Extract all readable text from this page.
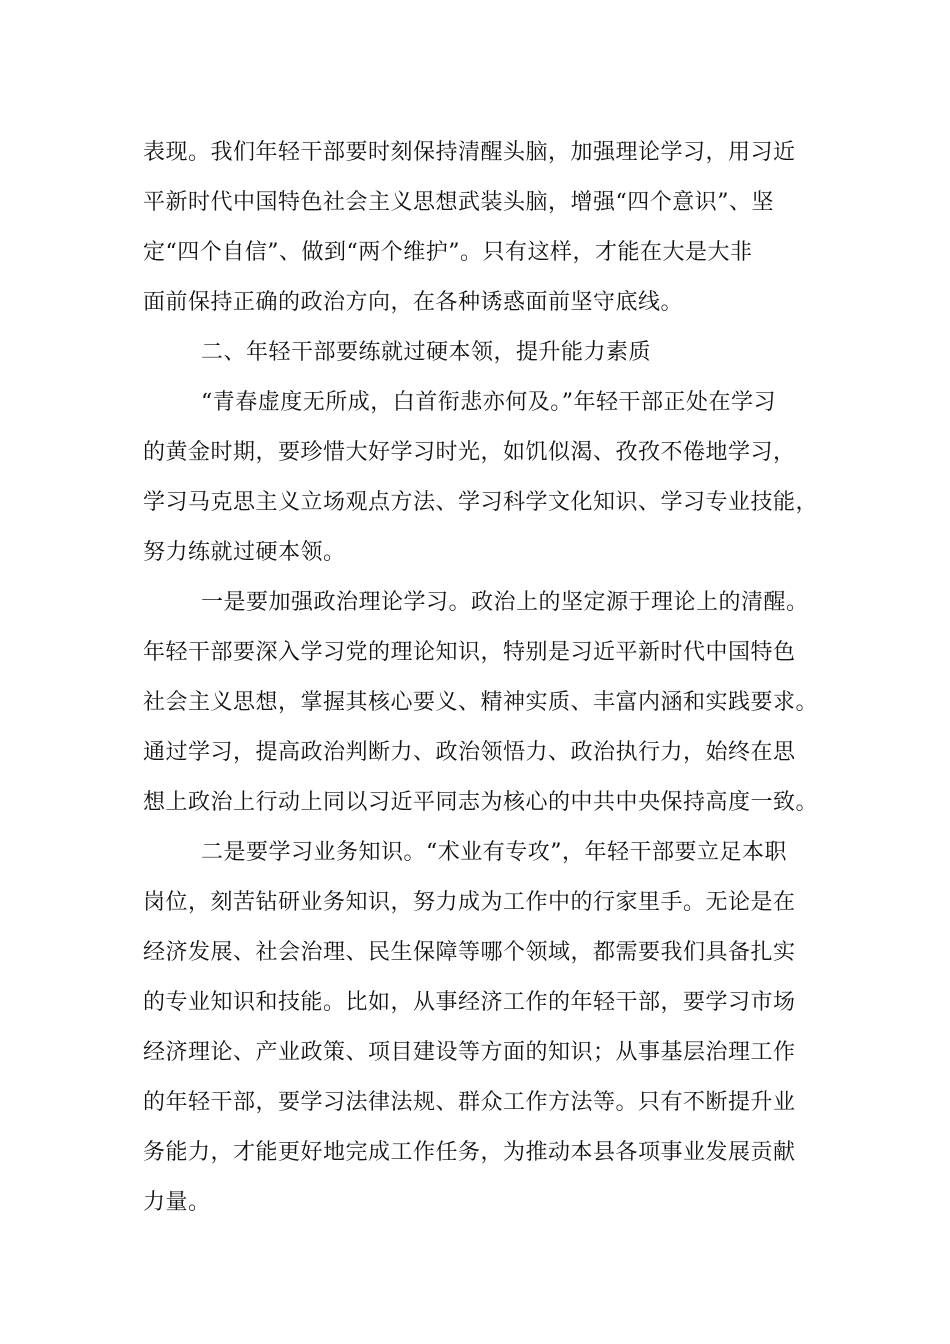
表现。我们年轻干部要时刻保持清醒头脑，加强理论学习，用习近
平新时代中国特色社会主义思想武装头脑，增强“四个意识”、坚
定“四个自信”、做到“两个维护”。只有这样，才能在大是大非
面前保持正确的政治方向，在各种诱惑面前坚守底线。
二、年轻干部要练就过硬本领，提升能力素质
“青春虚度无所成，白首衔悲亦何及。”年轻干部正处在学习
的黄金时期，要珍惜大好学习时光，如饥似渴、孜孜不倦地学习，
学习马克思主义立场观点方法、学习科学文化知识、学习专业技能，
努力练就过硬本领。
一是要加强政治理论学习。政治上的坚定源于理论上的清醒。
年轻干部要深入学习党的理论知识，特别是习近平新时代中国特色
社会主义思想，掌握其核心要义、精神实质、丰富内涵和实践要求。
通过学习，提高政治判断力、政治领悟力、政治执行力，始终在思
想上政治上行动上同以习近平同志为核心的中共中央保持高度一致。
二是要学习业务知识。“术业有专攻”，年轻干部要立足本职
岗位，刻苦钻研业务知识，努力成为工作中的行家里手。无论是在
经济发展、社会治理、民生保障等哪个领域，都需要我们具备扎实
的专业知识和技能。比如，从事经济工作的年轻干部，要学习市场
经济理论、产业政策、项目建设等方面的知识；从事基层治理工作
的年轻干部，要学习法律法规、群众工作方法等。只有不断提升业
务能力，才能更好地完成工作任务，为推动本县各项事业发展贡献
力量。
